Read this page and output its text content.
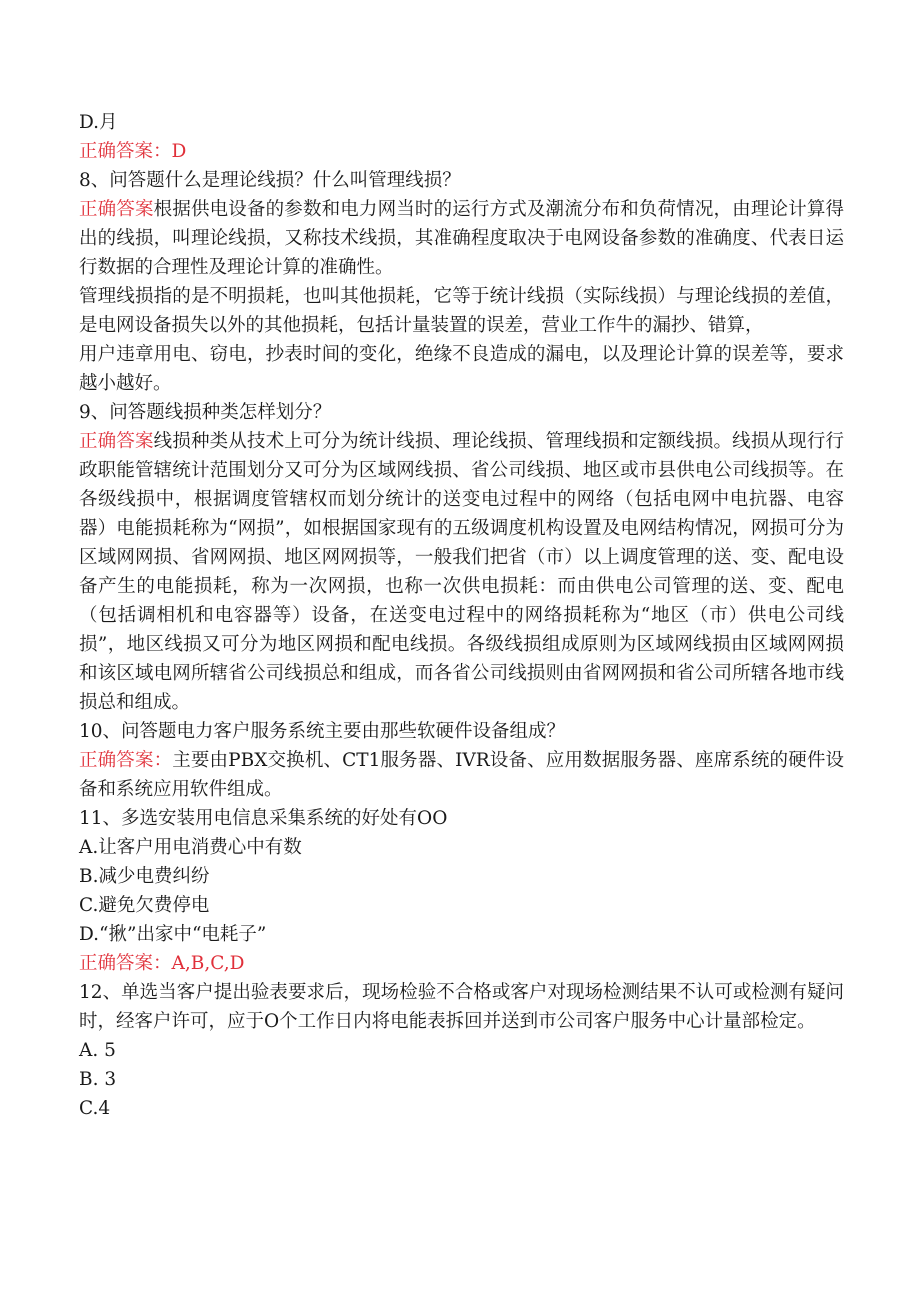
D.月
正确答案：D
8、问答题什么是理论线损？什么叫管理线损？
正确答案根据供电设备的参数和电力网当时的运行方式及潮流分布和负荷情况，由理论计算得出的线损，叫理论线损，又称技术线损，其准确程度取决于电网设备参数的准确度、代表日运行数据的合理性及理论计算的准确性。
管理线损指的是不明损耗，也叫其他损耗，它等于统计线损（实际线损）与理论线损的差值，是电网设备损失以外的其他损耗，包括计量装置的误差，营业工作牛的漏抄、错算，
用户违章用电、窃电，抄表时间的变化，绝缘不良造成的漏电，以及理论计算的误差等，要求越小越好。
9、问答题线损种类怎样划分？
正确答案线损种类从技术上可分为统计线损、理论线损、管理线损和定额线损。线损从现行行政职能管辖统计范围划分又可分为区域网线损、省公司线损、地区或市县供电公司线损等。在各级线损中，根据调度管辖权而划分统计的送变电过程中的网络（包括电网中电抗器、电容器）电能损耗称为“网损”，如根据国家现有的五级调度机构设置及电网结构情况，网损可分为区域网网损、省网网损、地区网网损等，一般我们把省（市）以上调度管理的送、变、配电设备产生的电能损耗，称为一次网损，也称一次供电损耗：而由供电公司管理的送、变、配电（包括调相机和电容器等）设备，在送变电过程中的网络损耗称为“地区（市）供电公司线损”，地区线损又可分为地区网损和配电线损。各级线损组成原则为区域网线损由区域网网损和该区域电网所辖省公司线损总和组成，而各省公司线损则由省网网损和省公司所辖各地市线损总和组成。
10、问答题电力客户服务系统主要由那些软硬件设备组成？
正确答案：主要由PBX交换机、CT1服务器、IVR设备、应用数据服务器、座席系统的硬件设备和系统应用软件组成。
11、多选安装用电信息采集系统的好处有OO
A.让客户用电消费心中有数
B.减少电费纠纷
C.避免欠费停电
D.“揪”出家中“电耗子”
正确答案：A,B,C,D
12、单选当客户提出验表要求后，现场检验不合格或客户对现场检测结果不认可或检测有疑问时，经客户许可，应于O个工作日内将电能表拆回并送到市公司客户服务中心计量部检定。
A. 5
B. 3
C.4
